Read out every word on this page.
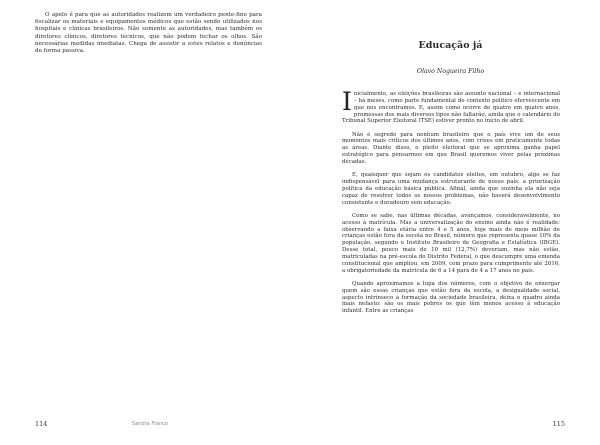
O apelo é para que as autoridades realizem um verdadeiro pente-fino para fiscalizar os materiais e equipamentos médicos que estão sendo utilizados nos hospitais e clínicas brasileiros. Não somente as autoridades, mas também os diretores clínicos, diretores técnicos, que não podem fechar os olhos. São necessárias medidas imediatas. Chega de assistir a estes relatos e denúncias de forma passiva.

114	Sandra Franco
Educação já

Olavo Nogueira Filho

Inicialmente, as eleições brasileiras são assunto nacional – e internacional – há meses, como parte fundamental do contexto político efervescente em que nos encontramos. E, assim como ocorre de quatro em quatro anos, promessas dos mais diversos tipos não faltarão, ainda que o calendário do Tribunal Superior Eleitoral (TSE) estiver pronto no início de abril.

Não é segredo para nenhum brasileiro que o país vive um de seus momentos mais críticos dos últimos anos, com crises em praticamente todas as áreas. Diante disso, o pleito eleitoral que se aproxima ganha papel estratégico para pensarmos em que Brasil queremos viver pelas próximas décadas.

E, quaisquer que sejam os candidatos eleitos, em outubro, algo se faz indispensável para uma mudança estruturante de nosso país: a priorização política da educação básica pública. Afinal, ainda que sozinha ela não seja capaz de resolver todos os nossos problemas, não haverá desenvolvimento consistente e duradouro sem educação.

Como se sabe, nas últimas décadas, avançamos, consideravelmente, no acesso à matrícula. Mas a universalização do ensino ainda não é realidade: observando a faixa etária entre 4 e 5 anos, hoje mais de meio milhão de crianças estão fora da escola no Brasil, número que representa quase 10% da população, segundo o Instituto Brasileiro de Geografia e Estatística (IBGE). Desse total, pouco mais de 10 mil (12,7%) deveriam, mas não estão, matriculadas na pré-escola do Distrito Federal, o que descumpre uma emenda constitucional que ampliou, em 2009, com prazo para cumprimento até 2016, a obrigatoriedade da matrícula de 6 a 14 para de 4 a 17 anos no país.

Quando aproximamos a lupa dos números, com o objetivo de enxergar quem são essas crianças que estão fora da escola, a desigualdade social, aspecto intrínseco à formação da sociedade brasileira, deixa o quadro ainda mais nefasto: são os mais pobres os que têm menos acesso à educação infantil. Entre as crianças

115
